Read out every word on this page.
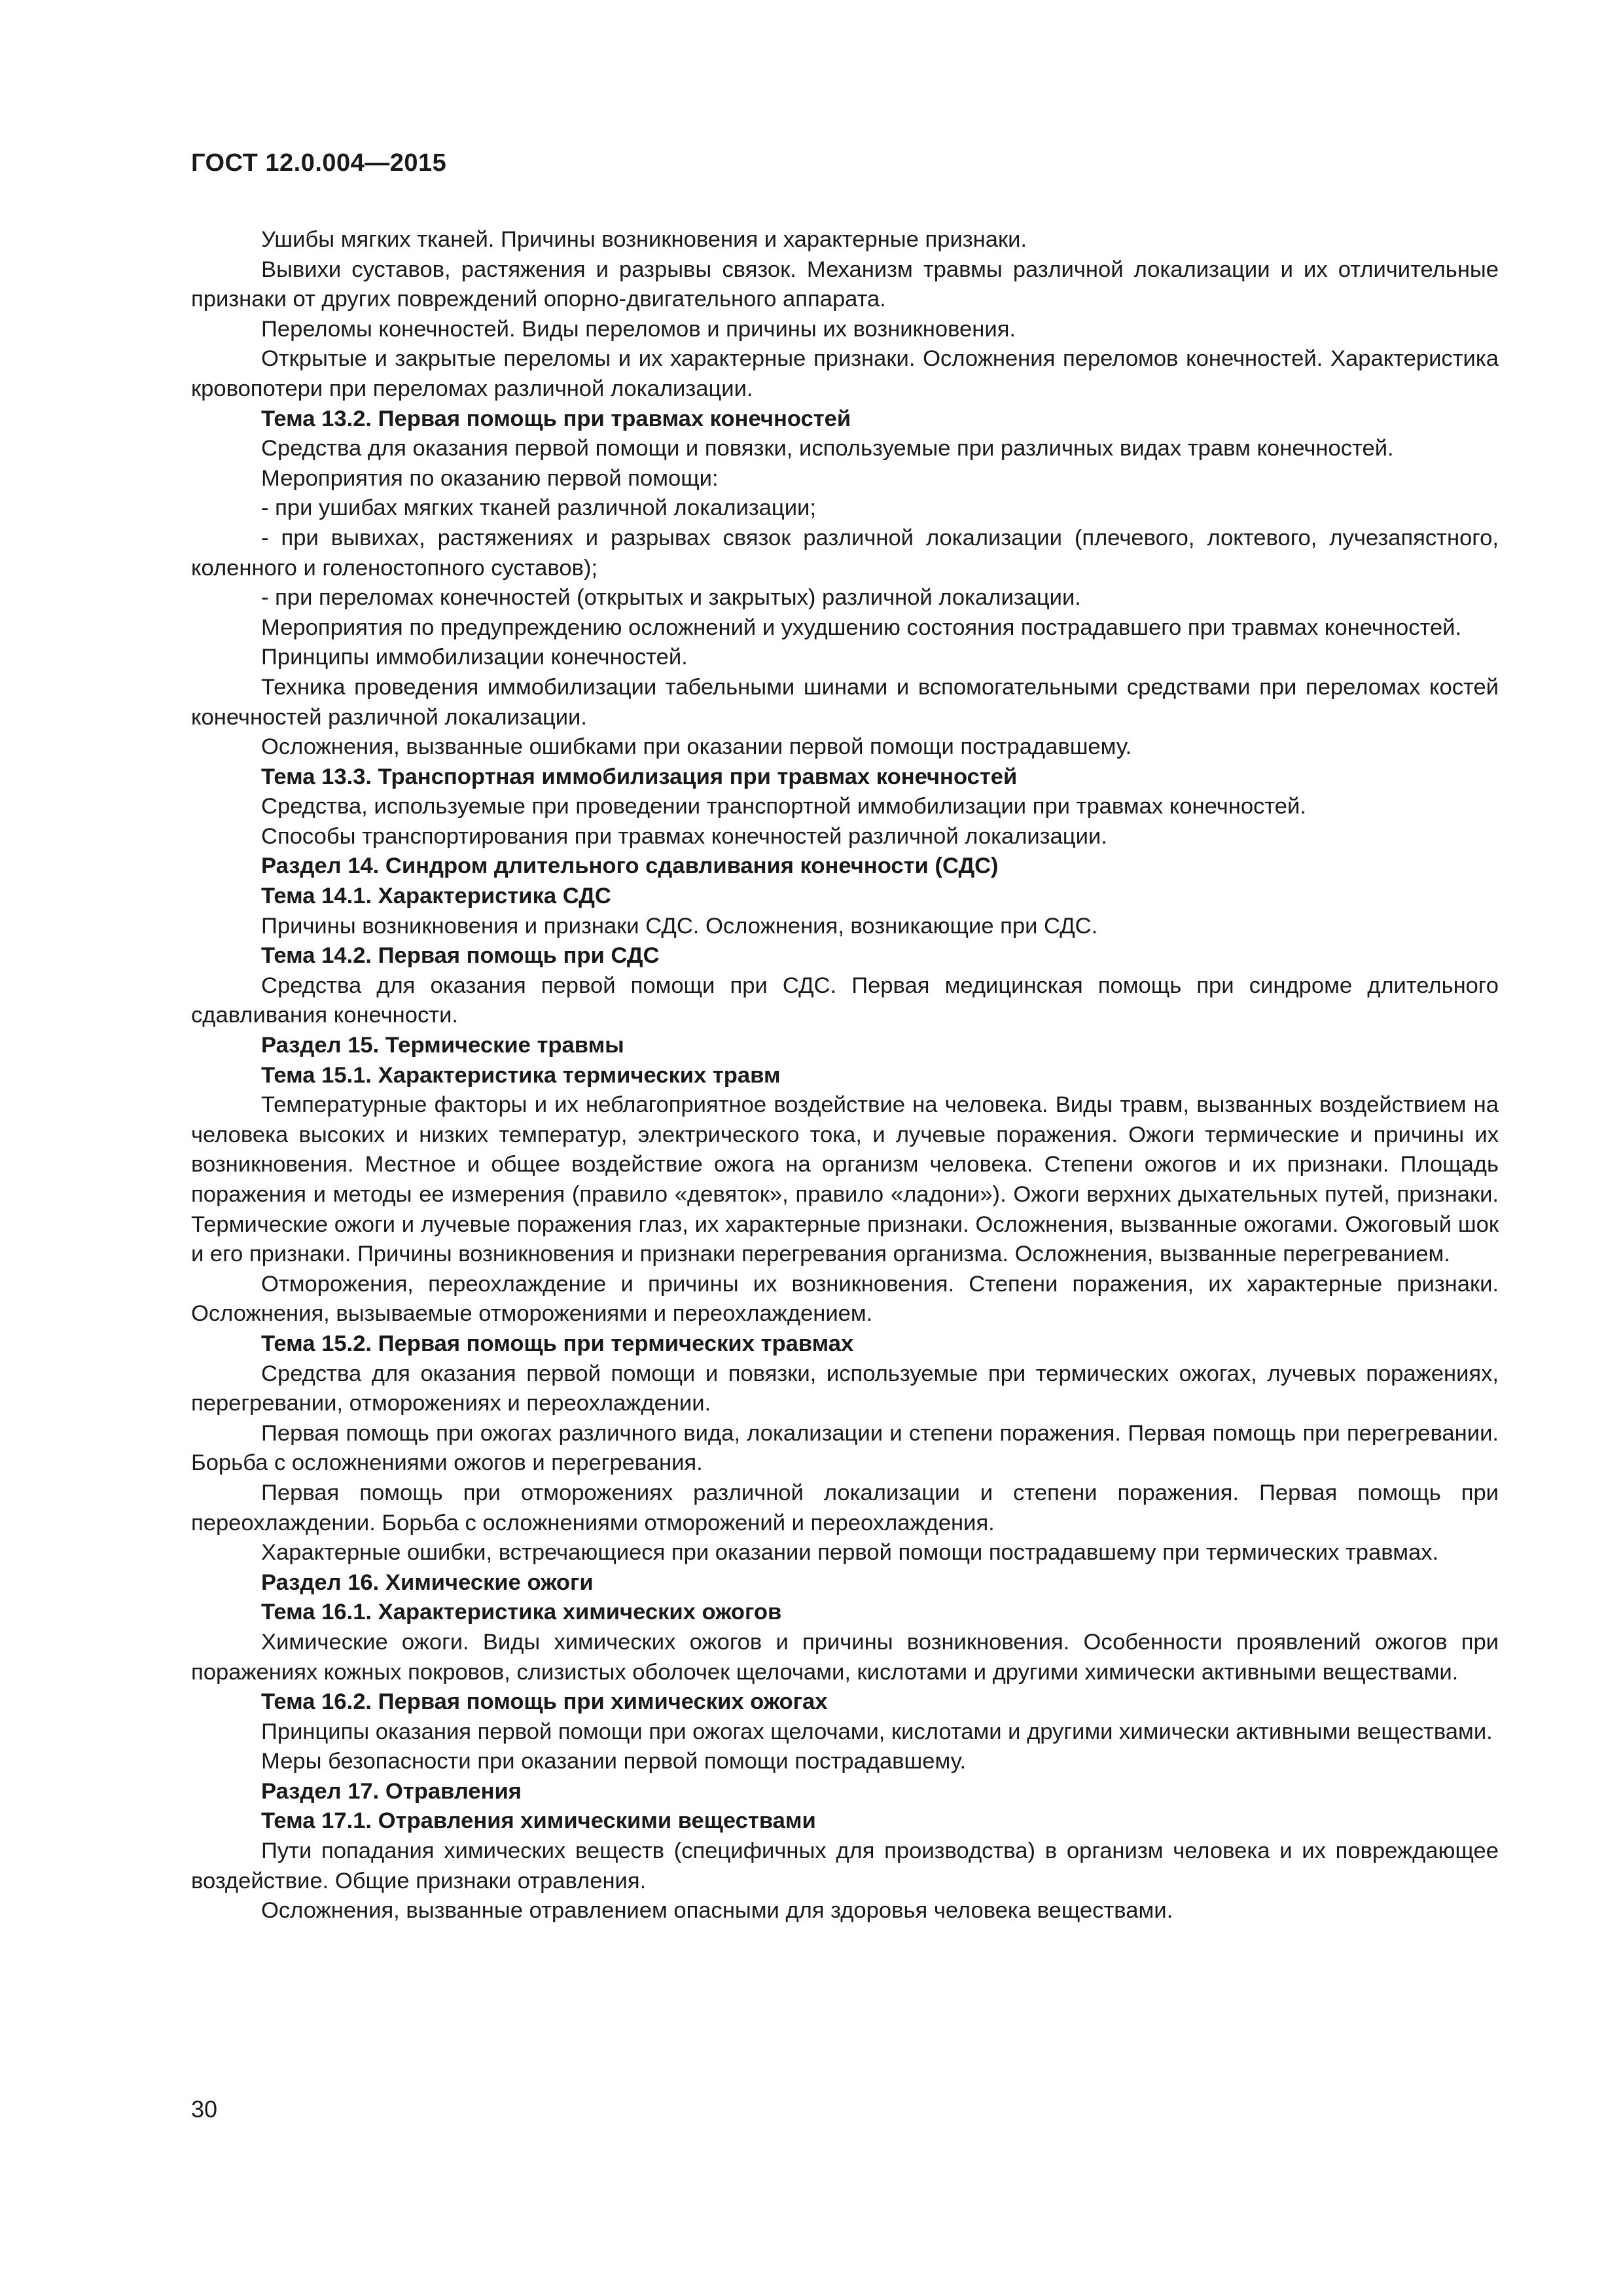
ГОСТ 12.0.004—2015

Ушибы мягких тканей. Причины возникновения и характерные признаки.

Вывихи суставов, растяжения и разрывы связок. Механизм травмы различной локализации и их отличительные признаки от других повреждений опорно-двигательного аппарата.

Переломы конечностей. Виды переломов и причины их возникновения.

Открытые и закрытые переломы и их характерные признаки. Осложнения переломов конечностей. Характеристика кровопотери при переломах различной локализации.

Тема 13.2. Первая помощь при травмах конечностей

Средства для оказания первой помощи и повязки, используемые при различных видах травм конечностей.

Мероприятия по оказанию первой помощи:

- при ушибах мягких тканей различной локализации;

- при вывихах, растяжениях и разрывах связок различной локализации (плечевого, локтевого, лучезапястного, коленного и голеностопного суставов);

- при переломах конечностей (открытых и закрытых) различной локализации.

Мероприятия по предупреждению осложнений и ухудшению состояния пострадавшего при травмах конечностей.

Принципы иммобилизации конечностей.

Техника проведения иммобилизации табельными шинами и вспомогательными средствами при переломах костей конечностей различной локализации.

Осложнения, вызванные ошибками при оказании первой помощи пострадавшему.

Тема 13.3. Транспортная иммобилизация при травмах конечностей

Средства, используемые при проведении транспортной иммобилизации при травмах конечностей.

Способы транспортирования при травмах конечностей различной локализации.

Раздел 14. Синдром длительного сдавливания конечности (СДС)

Тема 14.1. Характеристика СДС

Причины возникновения и признаки СДС. Осложнения, возникающие при СДС.

Тема 14.2. Первая помощь при СДС

Средства для оказания первой помощи при СДС. Первая медицинская помощь при синдроме длительного сдавливания конечности.

Раздел 15. Термические травмы

Тема 15.1. Характеристика термических травм

Температурные факторы и их неблагоприятное воздействие на человека. Виды травм, вызванных воздействием на человека высоких и низких температур, электрического тока, и лучевые поражения. Ожоги термические и причины их возникновения. Местное и общее воздействие ожога на организм человека. Степени ожогов и их признаки. Площадь поражения и методы ее измерения (правило «девяток», правило «ладони»). Ожоги верхних дыхательных путей, признаки. Термические ожоги и лучевые поражения глаз, их характерные признаки. Осложнения, вызванные ожогами. Ожоговый шок и его признаки. Причины возникновения и признаки перегревания организма. Осложнения, вызванные перегреванием.

Отморожения, переохлаждение и причины их возникновения. Степени поражения, их характерные признаки. Осложнения, вызываемые отморожениями и переохлаждением.

Тема 15.2. Первая помощь при термических травмах

Средства для оказания первой помощи и повязки, используемые при термических ожогах, лучевых поражениях, перегревании, отморожениях и переохлаждении.

Первая помощь при ожогах различного вида, локализации и степени поражения. Первая помощь при перегревании. Борьба с осложнениями ожогов и перегревания.

Первая помощь при отморожениях различной локализации и степени поражения. Первая помощь при переохлаждении. Борьба с осложнениями отморожений и переохлаждения.

Характерные ошибки, встречающиеся при оказании первой помощи пострадавшему при термических травмах.

Раздел 16. Химические ожоги

Тема 16.1. Характеристика химических ожогов

Химические ожоги. Виды химических ожогов и причины возникновения. Особенности проявлений ожогов при поражениях кожных покровов, слизистых оболочек щелочами, кислотами и другими химически активными веществами.

Тема 16.2. Первая помощь при химических ожогах

Принципы оказания первой помощи при ожогах щелочами, кислотами и другими химически активными веществами.

Меры безопасности при оказании первой помощи пострадавшему.

Раздел 17. Отравления

Тема 17.1. Отравления химическими веществами

Пути попадания химических веществ (специфичных для производства) в организм человека и их повреждающее воздействие. Общие признаки отравления.

Осложнения, вызванные отравлением опасными для здоровья человека веществами.

30
